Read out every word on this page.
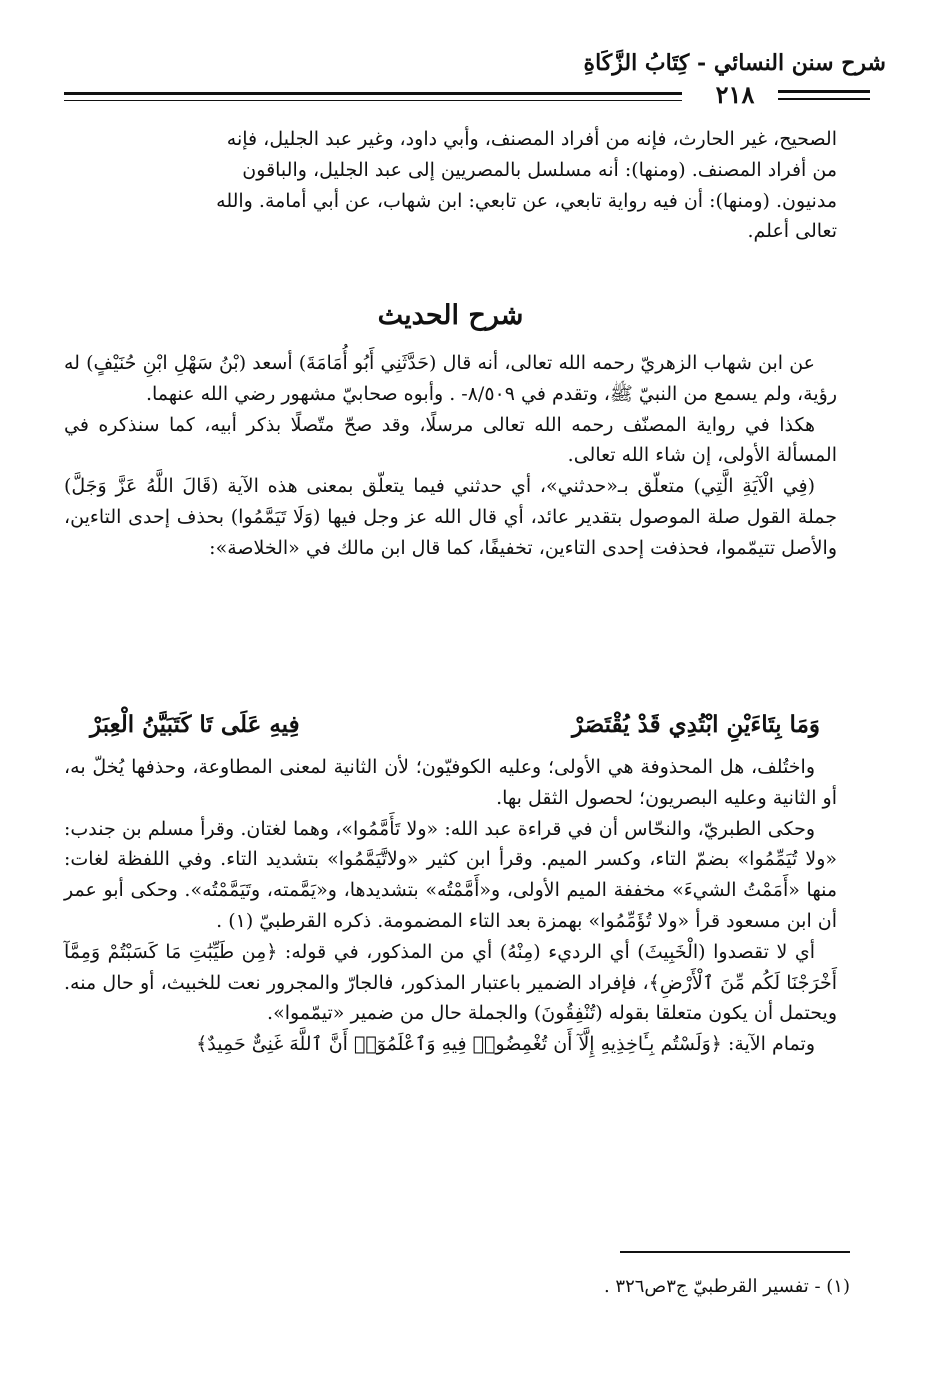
شرح سنن النسائي - كِتَابُ الزَّكَاةِ
٢١٨

الصحيح، غير الحارث، فإنه من أفراد المصنف، وأبي داود، وغير عبد الجليل، فإنه

من أفراد المصنف. (ومنها): أنه مسلسل بالمصريين إلى عبد الجليل، والباقون

مدنيون. (ومنها): أن فيه رواية تابعي، عن تابعي: ابن شهاب، عن أبي أمامة. والله

تعالى أعلم.

شرح الحديث

عن ابن شهاب الزهريّ رحمه الله تعالى، أنه قال (حَدَّثَنِي أَبُو أُمَامَةَ) أسعد (بْنُ سَهْلِ ابْنِ حُنَيْفٍ) له رؤية، ولم يسمع من النبيّ ﷺ، وتقدم في ٨/٥٠٩- . وأبوه صحابيّ مشهور رضي الله عنهما.

هكذا في رواية المصنّف رحمه الله تعالى مرسلًا، وقد صحّ متّصلًا بذكر أبيه، كما سنذكره في المسألة الأولى، إن شاء الله تعالى.

(فِي الْآيَةِ الَّتِي) متعلّق بـ«حدثني»، أي حدثني فيما يتعلّق بمعنى هذه الآية (قَالَ اللَّهُ عَزَّ وَجَلَّ) جملة القول صلة الموصول بتقدير عائد، أي قال الله عز وجل فيها (وَلَا تَيَمَّمُوا) بحذف إحدى التاءين، والأصل تتيمّموا، فحذفت إحدى التاءين، تخفيفًا، كما قال ابن مالك في «الخلاصة»:

وَمَا بِتَاءَيْنِ ابْتُدِي قَدْ يُقْتَصَرْ
فِيهِ عَلَى تَا كَتَبَيَّنُ الْعِبَرْ

واختُلف، هل المحذوفة هي الأولى؛ وعليه الكوفيّون؛ لأن الثانية لمعنى المطاوعة، وحذفها يُخلّ به، أو الثانية وعليه البصريون؛ لحصول الثقل بها.

وحكى الطبريّ، والنحّاس أن في قراءة عبد الله: «ولا تَأَمَّمُوا»، وهما لغتان. وقرأ مسلم بن جندب: «ولا تُيَمِّمُوا» بضمّ التاء، وكسر الميم. وقرأ ابن كثير «ولاتَّيَمَّمُوا» بتشديد التاء. وفي اللفظة لغات: منها «أَمَمْتُ الشيءَ» مخففة الميم الأولى، و«أَمَّمْتُه» بتشديدها، و«يَمَّمته، وتَيَمَّمْتُه». وحكى أبو عمر أن ابن مسعود قرأ «ولا تُؤَمِّمُوا» بهمزة بعد التاء المضمومة. ذكره القرطبيّ (١) .

أي لا تقصدوا (الْخَبِيثَ) أي الرديء (مِنْهُ) أي من المذكور، في قوله: ﴿مِن طَيِّبَٰتِ مَا كَسَبْتُمْ وَمِمَّآ أَخْرَجْنَا لَكُم مِّنَ ٱلْأَرْضِ﴾، فإفراد الضمير باعتبار المذكور، فالجارّ والمجرور نعت للخبيث، أو حال منه. ويحتمل أن يكون متعلقا بقوله (تُنْفِقُونَ) والجملة حال من ضمير «تيمّموا».

وتمام الآية: ﴿وَلَسْتُم بِـَٔاخِذِيهِ إِلَّآ أَن تُغْمِضُوا۟ فِيهِ وَٱعْلَمُوٓا۟ أَنَّ ٱللَّهَ غَنِىٌّ حَمِيدٌ﴾

(١) - تفسير القرطبيّ ج٣ص٣٢٦ .
